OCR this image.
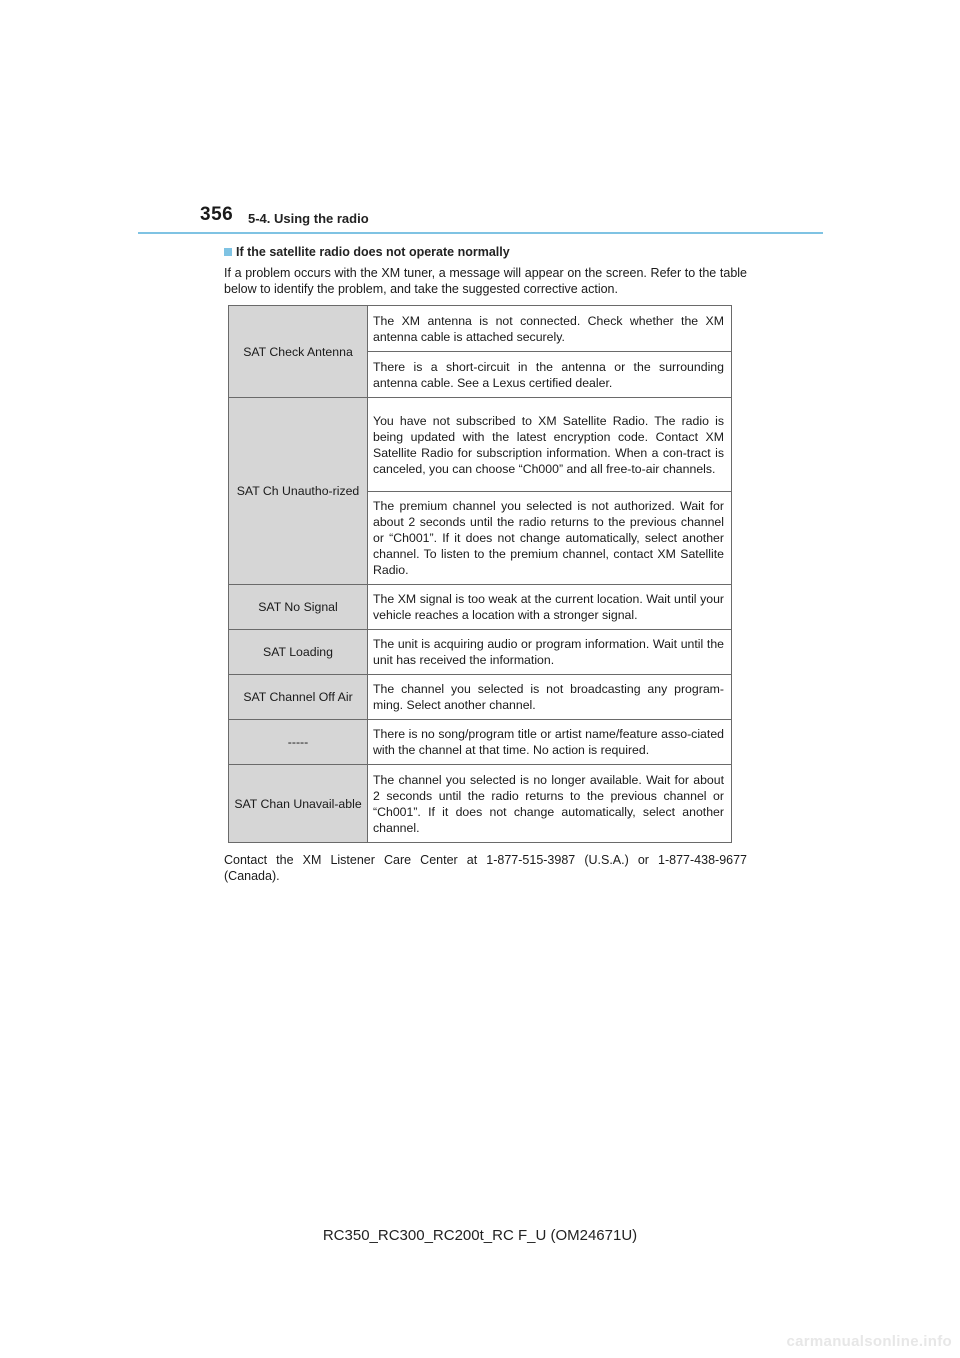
356 5-4. Using the radio
If the satellite radio does not operate normally
If a problem occurs with the XM tuner, a message will appear on the screen. Refer to the table below to identify the problem, and take the suggested corrective action.
SAT Check Antenna	The XM antenna is not connected. Check whether the XM antenna cable is attached securely.
	There is a short-circuit in the antenna or the surrounding antenna cable. See a Lexus certified dealer.
SAT Ch Unautho-rized	You have not subscribed to XM Satellite Radio. The radio is being updated with the latest encryption code. Contact XM Satellite Radio for subscription information. When a con-tract is canceled, you can choose “Ch000” and all free-to-air channels.
	The premium channel you selected is not authorized. Wait for about 2 seconds until the radio returns to the previous channel or “Ch001”. If it does not change automatically, select another channel. To listen to the premium channel, contact XM Satellite Radio.
SAT No Signal	The XM signal is too weak at the current location. Wait until your vehicle reaches a location with a stronger signal.
SAT Loading	The unit is acquiring audio or program information. Wait until the unit has received the information.
SAT Channel Off Air	The channel you selected is not broadcasting any program-ming. Select another channel.
-----	There is no song/program title or artist name/feature asso-ciated with the channel at that time. No action is required.
SAT Chan Unavail-able	The channel you selected is no longer available. Wait for about 2 seconds until the radio returns to the previous channel or “Ch001”. If it does not change automatically, select another channel.
Contact the XM Listener Care Center at 1-877-515-3987 (U.S.A.) or 1-877-438-9677 (Canada).
RC350_RC300_RC200t_RC F_U (OM24671U)
carmanualsonline.info
